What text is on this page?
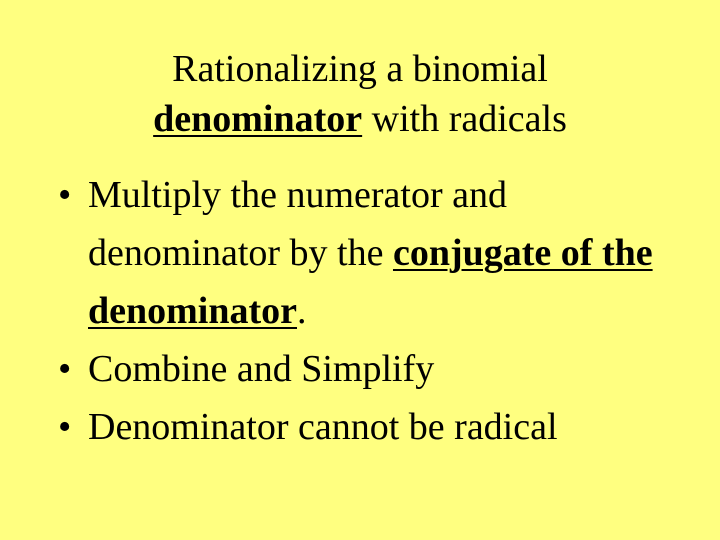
Rationalizing a binomial
denominator with radicals
• Multiply the numerator and denominator by the conjugate of the denominator.
• Combine and Simplify
• Denominator cannot be radical
